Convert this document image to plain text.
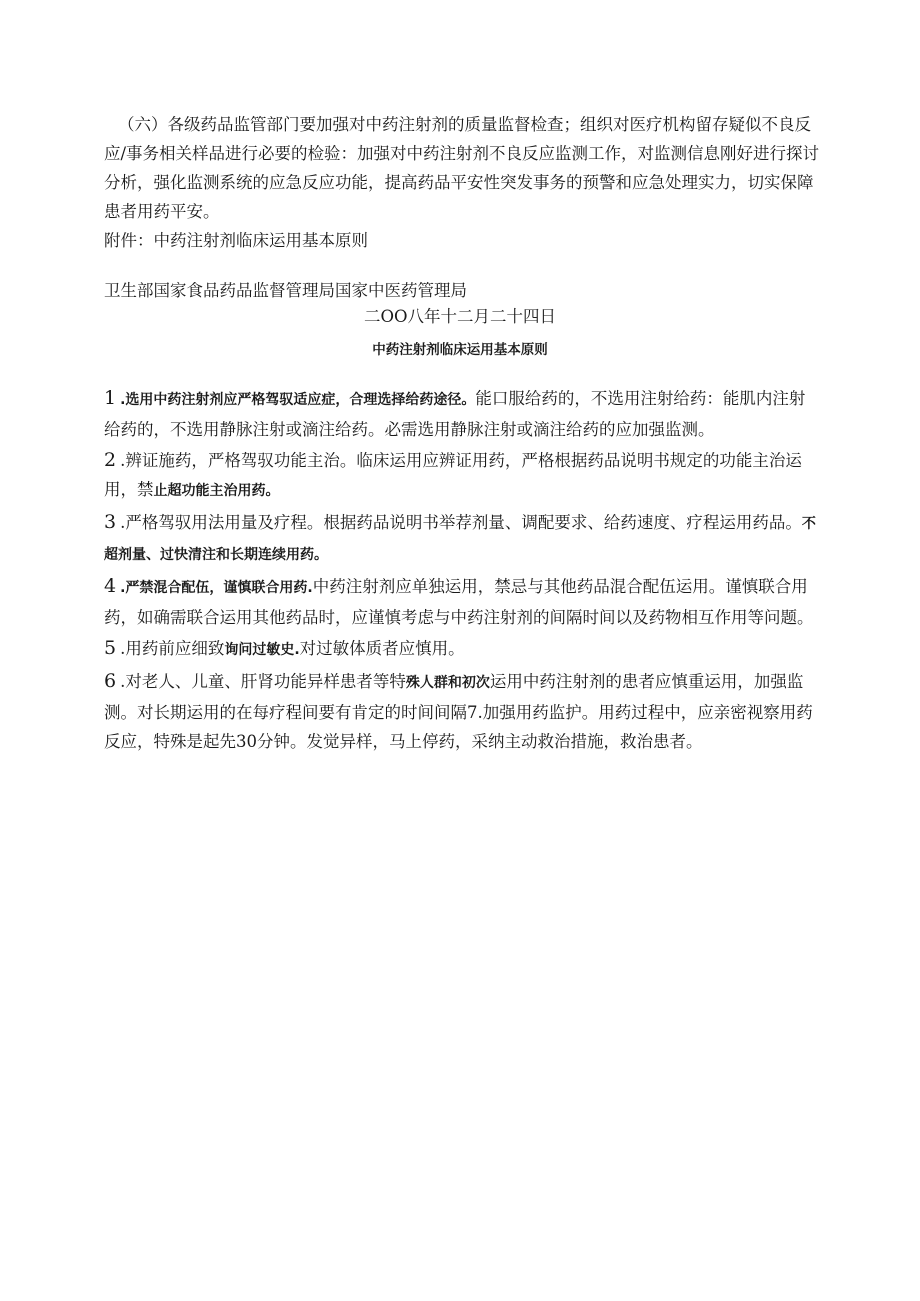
（六）各级药品监管部门要加强对中药注射剂的质量监督检查；组织对医疗机构留存疑似不良反应/事务相关样品进行必要的检验：加强对中药注射剂不良反应监测工作，对监测信息刚好进行探讨分析，强化监测系统的应急反应功能，提高药品平安性突发事务的预警和应急处理实力，切实保障患者用药平安。
附件：中药注射剂临床运用基本原则
卫生部国家食品药品监督管理局国家中医药管理局
二OO八年十二月二十四日
中药注射剂临床运用基本原则
1 .选用中药注射剂应严格驾驭适应症，合理选择给药途径。能口服给药的，不选用注射给药：能肌内注射给药的，不选用静脉注射或滴注给药。必需选用静脉注射或滴注给药的应加强监测。
2 .辨证施药，严格驾驭功能主治。临床运用应辨证用药，严格根据药品说明书规定的功能主治运用，禁止超功能主治用药。
3 .严格驾驭用法用量及疗程。根据药品说明书举荐剂量、调配要求、给药速度、疗程运用药品。不超剂量、过快清注和长期连续用药。
4 .严禁混合配伍，谨慎联合用药.中药注射剂应单独运用，禁忌与其他药品混合配伍运用。谨慎联合用药，如确需联合运用其他药品时，应谨慎考虑与中药注射剂的间隔时间以及药物相互作用等问题。
5 .用药前应细致询问过敏史.对过敏体质者应慎用。
6 .对老人、儿童、肝肾功能异样患者等特殊人群和初次运用中药注射剂的患者应慎重运用，加强监测。对长期运用的在每疗程间要有肯定的时间间隔7.加强用药监护。用药过程中，应亲密视察用药反应，特殊是起先30分钟。发觉异样，马上停药，采纳主动救治措施，救治患者。
